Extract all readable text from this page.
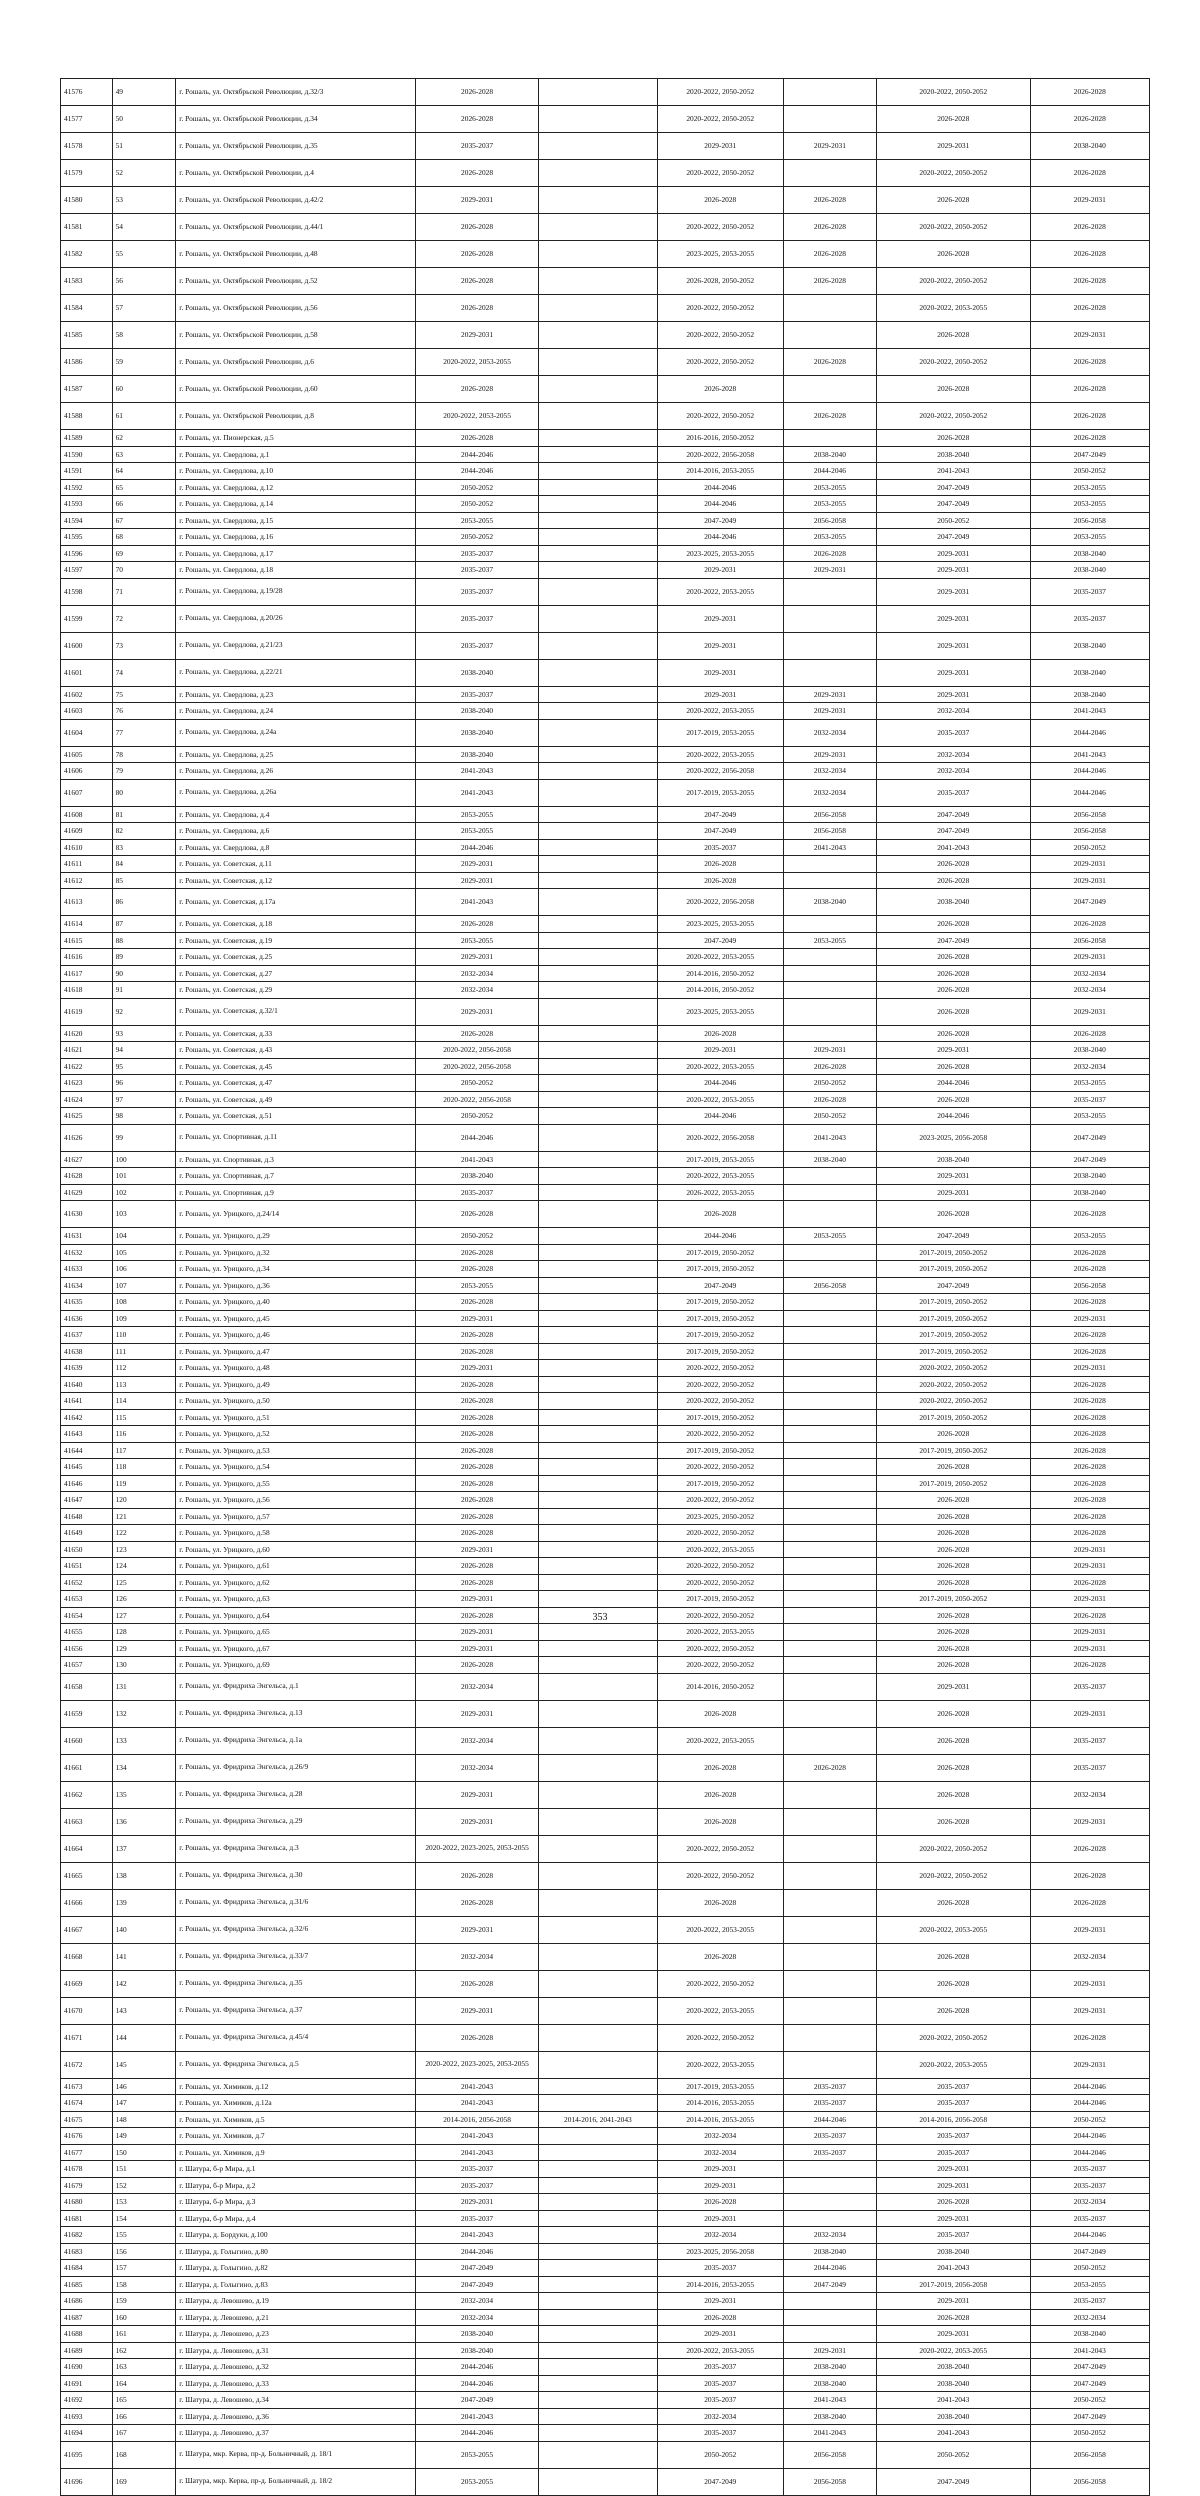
41576	49	г. Рошаль, ул. Октябрьской Революции, д.32/3	2026-2028		2020-2022, 2050-2052		2020-2022, 2050-2052	2026-2028
41577	50	г. Рошаль, ул. Октябрьской Революции, д.34	2026-2028		2020-2022, 2050-2052		2026-2028	2026-2028
41578	51	г. Рошаль, ул. Октябрьской Революции, д.35	2035-2037		2029-2031	2029-2031	2029-2031	2038-2040
41579	52	г. Рошаль, ул. Октябрьской Революции, д.4	2026-2028		2020-2022, 2050-2052		2020-2022, 2050-2052	2026-2028
41580	53	г. Рошаль, ул. Октябрьской Революции, д.42/2	2029-2031		2026-2028	2026-2028	2026-2028	2029-2031
41581	54	г. Рошаль, ул. Октябрьской Революции, д.44/1	2026-2028		2020-2022, 2050-2052	2026-2028	2020-2022, 2050-2052	2026-2028
41582	55	г. Рошаль, ул. Октябрьской Революции, д.48	2026-2028		2023-2025, 2053-2055	2026-2028	2026-2028	2026-2028
41583	56	г. Рошаль, ул. Октябрьской Революции, д.52	2026-2028		2026-2028, 2050-2052	2026-2028	2020-2022, 2050-2052	2026-2028
41584	57	г. Рошаль, ул. Октябрьской Революции, д.56	2026-2028		2020-2022, 2050-2052		2020-2022, 2053-2055	2026-2028
41585	58	г. Рошаль, ул. Октябрьской Революции, д.58	2029-2031		2020-2022, 2050-2052		2026-2028	2029-2031
41586	59	г. Рошаль, ул. Октябрьской Революции, д.6	2020-2022, 2053-2055		2020-2022, 2050-2052	2026-2028	2020-2022, 2050-2052	2026-2028
41587	60	г. Рошаль, ул. Октябрьской Революции, д.60	2026-2028		2026-2028		2026-2028	2026-2028
41588	61	г. Рошаль, ул. Октябрьской Революции, д.8	2020-2022, 2053-2055		2020-2022, 2050-2052	2026-2028	2020-2022, 2050-2052	2026-2028
41589	62	г. Рошаль, ул. Пионерская, д.5	2026-2028		2016-2016, 2050-2052		2026-2028	2026-2028
41590	63	г. Рошаль, ул. Свердлова, д.1	2044-2046		2020-2022, 2056-2058	2038-2040	2038-2040	2047-2049
41591	64	г. Рошаль, ул. Свердлова, д.10	2044-2046		2014-2016, 2053-2055	2044-2046	2041-2043	2050-2052
41592	65	г. Рошаль, ул. Свердлова, д.12	2050-2052		2044-2046	2053-2055	2047-2049	2053-2055
41593	66	г. Рошаль, ул. Свердлова, д.14	2050-2052		2044-2046	2053-2055	2047-2049	2053-2055
41594	67	г. Рошаль, ул. Свердлова, д.15	2053-2055		2047-2049	2056-2058	2050-2052	2056-2058
41595	68	г. Рошаль, ул. Свердлова, д.16	2050-2052		2044-2046	2053-2055	2047-2049	2053-2055
41596	69	г. Рошаль, ул. Свердлова, д.17	2035-2037		2023-2025, 2053-2055	2026-2028	2029-2031	2038-2040
41597	70	г. Рошаль, ул. Свердлова, д.18	2035-2037		2029-2031	2029-2031	2029-2031	2038-2040
41598	71	г. Рошаль, ул. Свердлова, д.19/28	2035-2037		2020-2022, 2053-2055		2029-2031	2035-2037
41599	72	г. Рошаль, ул. Свердлова, д.20/26	2035-2037		2029-2031		2029-2031	2035-2037
41600	73	г. Рошаль, ул. Свердлова, д.21/23	2035-2037		2029-2031		2029-2031	2038-2040
41601	74	г. Рошаль, ул. Свердлова, д.22/21	2038-2040		2029-2031		2029-2031	2038-2040
41602	75	г. Рошаль, ул. Свердлова, д.23	2035-2037		2029-2031	2029-2031	2029-2031	2038-2040
41603	76	г. Рошаль, ул. Свердлова, д.24	2038-2040		2020-2022, 2053-2055	2029-2031	2032-2034	2041-2043
41604	77	г. Рошаль, ул. Свердлова, д.24а	2038-2040		2017-2019, 2053-2055	2032-2034	2035-2037	2044-2046
41605	78	г. Рошаль, ул. Свердлова, д.25	2038-2040		2020-2022, 2053-2055	2029-2031	2032-2034	2041-2043
41606	79	г. Рошаль, ул. Свердлова, д.26	2041-2043		2020-2022, 2056-2058	2032-2034	2032-2034	2044-2046
41607	80	г. Рошаль, ул. Свердлова, д.26а	2041-2043		2017-2019, 2053-2055	2032-2034	2035-2037	2044-2046
41608	81	г. Рошаль, ул. Свердлова, д.4	2053-2055		2047-2049	2056-2058	2047-2049	2056-2058
41609	82	г. Рошаль, ул. Свердлова, д.6	2053-2055		2047-2049	2056-2058	2047-2049	2056-2058
41610	83	г. Рошаль, ул. Свердлова, д.8	2044-2046		2035-2037	2041-2043	2041-2043	2050-2052
41611	84	г. Рошаль, ул. Советская, д.11	2029-2031		2026-2028		2026-2028	2029-2031
41612	85	г. Рошаль, ул. Советская, д.12	2029-2031		2026-2028		2026-2028	2029-2031
41613	86	г. Рошаль, ул. Советская, д.17а	2041-2043		2020-2022, 2056-2058	2038-2040	2038-2040	2047-2049
41614	87	г. Рошаль, ул. Советская, д.18	2026-2028		2023-2025, 2053-2055		2026-2028	2026-2028
41615	88	г. Рошаль, ул. Советская, д.19	2053-2055		2047-2049	2053-2055	2047-2049	2056-2058
41616	89	г. Рошаль, ул. Советская, д.25	2029-2031		2020-2022, 2053-2055		2026-2028	2029-2031
41617	90	г. Рошаль, ул. Советская, д.27	2032-2034		2014-2016, 2050-2052		2026-2028	2032-2034
41618	91	г. Рошаль, ул. Советская, д.29	2032-2034		2014-2016, 2050-2052		2026-2028	2032-2034
41619	92	г. Рошаль, ул. Советская, д.32/1	2029-2031		2023-2025, 2053-2055		2026-2028	2029-2031
41620	93	г. Рошаль, ул. Советская, д.33	2026-2028		2026-2028		2026-2028	2026-2028
41621	94	г. Рошаль, ул. Советская, д.43	2020-2022, 2056-2058		2029-2031	2029-2031	2029-2031	2038-2040
41622	95	г. Рошаль, ул. Советская, д.45	2020-2022, 2056-2058		2020-2022, 2053-2055	2026-2028	2026-2028	2032-2034
41623	96	г. Рошаль, ул. Советская, д.47	2050-2052		2044-2046	2050-2052	2044-2046	2053-2055
41624	97	г. Рошаль, ул. Советская, д.49	2020-2022, 2056-2058		2020-2022, 2053-2055	2026-2028	2026-2028	2035-2037
41625	98	г. Рошаль, ул. Советская, д.51	2050-2052		2044-2046	2050-2052	2044-2046	2053-2055
41626	99	г. Рошаль, ул. Спортивная, д.11	2044-2046		2020-2022, 2056-2058	2041-2043	2023-2025, 2056-2058	2047-2049
41627	100	г. Рошаль, ул. Спортивная, д.3	2041-2043		2017-2019, 2053-2055	2038-2040	2038-2040	2047-2049
41628	101	г. Рошаль, ул. Спортивная, д.7	2038-2040		2020-2022, 2053-2055		2029-2031	2038-2040
41629	102	г. Рошаль, ул. Спортивная, д.9	2035-2037		2026-2022, 2053-2055		2029-2031	2038-2040
41630	103	г. Рошаль, ул. Урицкого, д.24/14	2026-2028		2026-2028		2026-2028	2026-2028
41631	104	г. Рошаль, ул. Урицкого, д.29	2050-2052		2044-2046	2053-2055	2047-2049	2053-2055
41632	105	г. Рошаль, ул. Урицкого, д.32	2026-2028		2017-2019, 2050-2052		2017-2019, 2050-2052	2026-2028
41633	106	г. Рошаль, ул. Урицкого, д.34	2026-2028		2017-2019, 2050-2052		2017-2019, 2050-2052	2026-2028
41634	107	г. Рошаль, ул. Урицкого, д.36	2053-2055		2047-2049	2056-2058	2047-2049	2056-2058
41635	108	г. Рошаль, ул. Урицкого, д.40	2026-2028		2017-2019, 2050-2052		2017-2019, 2050-2052	2026-2028
41636	109	г. Рошаль, ул. Урицкого, д.45	2029-2031		2017-2019, 2050-2052		2017-2019, 2050-2052	2029-2031
41637	110	г. Рошаль, ул. Урицкого, д.46	2026-2028		2017-2019, 2050-2052		2017-2019, 2050-2052	2026-2028
41638	111	г. Рошаль, ул. Урицкого, д.47	2026-2028		2017-2019, 2050-2052		2017-2019, 2050-2052	2026-2028
41639	112	г. Рошаль, ул. Урицкого, д.48	2029-2031		2020-2022, 2050-2052		2020-2022, 2050-2052	2029-2031
41640	113	г. Рошаль, ул. Урицкого, д.49	2026-2028		2020-2022, 2050-2052		2020-2022, 2050-2052	2026-2028
41641	114	г. Рошаль, ул. Урицкого, д.50	2026-2028		2020-2022, 2050-2052		2020-2022, 2050-2052	2026-2028
41642	115	г. Рошаль, ул. Урицкого, д.51	2026-2028		2017-2019, 2050-2052		2017-2019, 2050-2052	2026-2028
41643	116	г. Рошаль, ул. Урицкого, д.52	2026-2028		2020-2022, 2050-2052		2026-2028	2026-2028
41644	117	г. Рошаль, ул. Урицкого, д.53	2026-2028		2017-2019, 2050-2052		2017-2019, 2050-2052	2026-2028
41645	118	г. Рошаль, ул. Урицкого, д.54	2026-2028		2020-2022, 2050-2052		2026-2028	2026-2028
41646	119	г. Рошаль, ул. Урицкого, д.55	2026-2028		2017-2019, 2050-2052		2017-2019, 2050-2052	2026-2028
41647	120	г. Рошаль, ул. Урицкого, д.56	2026-2028		2020-2022, 2050-2052		2026-2028	2026-2028
41648	121	г. Рошаль, ул. Урицкого, д.57	2026-2028		2023-2025, 2050-2052		2026-2028	2026-2028
41649	122	г. Рошаль, ул. Урицкого, д.58	2026-2028		2020-2022, 2050-2052		2026-2028	2026-2028
41650	123	г. Рошаль, ул. Урицкого, д.60	2029-2031		2020-2022, 2053-2055		2026-2028	2029-2031
41651	124	г. Рошаль, ул. Урицкого, д.61	2026-2028		2020-2022, 2050-2052		2026-2028	2029-2031
41652	125	г. Рошаль, ул. Урицкого, д.62	2026-2028		2020-2022, 2050-2052		2026-2028	2026-2028
41653	126	г. Рошаль, ул. Урицкого, д.63	2029-2031		2017-2019, 2050-2052		2017-2019, 2050-2052	2029-2031
41654	127	г. Рошаль, ул. Урицкого, д.64	2026-2028		2020-2022, 2050-2052		2026-2028	2026-2028
41655	128	г. Рошаль, ул. Урицкого, д.65	2029-2031		2020-2022, 2053-2055		2026-2028	2029-2031
41656	129	г. Рошаль, ул. Урицкого, д.67	2029-2031		2020-2022, 2050-2052		2026-2028	2029-2031
41657	130	г. Рошаль, ул. Урицкого, д.69	2026-2028		2020-2022, 2050-2052		2026-2028	2026-2028
41658	131	г. Рошаль, ул. Фридриха Энгельса, д.1	2032-2034		2014-2016, 2050-2052		2029-2031	2035-2037
41659	132	г. Рошаль, ул. Фридриха Энгельса, д.13	2029-2031		2026-2028		2026-2028	2029-2031
41660	133	г. Рошаль, ул. Фридриха Энгельса, д.1а	2032-2034		2020-2022, 2053-2055		2026-2028	2035-2037
41661	134	г. Рошаль, ул. Фридриха Энгельса, д.26/9	2032-2034		2026-2028	2026-2028	2026-2028	2035-2037
41662	135	г. Рошаль, ул. Фридриха Энгельса, д.28	2029-2031		2026-2028		2026-2028	2032-2034
41663	136	г. Рошаль, ул. Фридриха Энгельса, д.29	2029-2031		2026-2028		2026-2028	2029-2031
41664	137	г. Рошаль, ул. Фридриха Энгельса, д.3	2020-2022, 2023-2025, 2053-2055		2020-2022, 2050-2052		2020-2022, 2050-2052	2026-2028
41665	138	г. Рошаль, ул. Фридриха Энгельса, д.30	2026-2028		2020-2022, 2050-2052		2020-2022, 2050-2052	2026-2028
41666	139	г. Рошаль, ул. Фридриха Энгельса, д.31/6	2026-2028		2026-2028		2026-2028	2026-2028
41667	140	г. Рошаль, ул. Фридриха Энгельса, д.32/6	2029-2031		2020-2022, 2053-2055		2020-2022, 2053-2055	2029-2031
41668	141	г. Рошаль, ул. Фридриха Энгельса, д.33/7	2032-2034		2026-2028		2026-2028	2032-2034
41669	142	г. Рошаль, ул. Фридриха Энгельса, д.35	2026-2028		2020-2022, 2050-2052		2026-2028	2029-2031
41670	143	г. Рошаль, ул. Фридриха Энгельса, д.37	2029-2031		2020-2022, 2053-2055		2026-2028	2029-2031
41671	144	г. Рошаль, ул. Фридриха Энгельса, д.45/4	2026-2028		2020-2022, 2050-2052		2020-2022, 2050-2052	2026-2028
41672	145	г. Рошаль, ул. Фридриха Энгельса, д.5	2020-2022, 2023-2025, 2053-2055		2020-2022, 2053-2055		2020-2022, 2053-2055	2029-2031
41673	146	г. Рошаль, ул. Химиков, д.12	2041-2043		2017-2019, 2053-2055	2035-2037	2035-2037	2044-2046
41674	147	г. Рошаль, ул. Химиков, д.12а	2041-2043		2014-2016, 2053-2055	2035-2037	2035-2037	2044-2046
41675	148	г. Рошаль, ул. Химиков, д.5	2014-2016, 2056-2058	2014-2016, 2041-2043	2014-2016, 2053-2055	2044-2046	2014-2016, 2056-2058	2050-2052
41676	149	г. Рошаль, ул. Химиков, д.7	2041-2043		2032-2034	2035-2037	2035-2037	2044-2046
41677	150	г. Рошаль, ул. Химиков, д.9	2041-2043		2032-2034	2035-2037	2035-2037	2044-2046
41678	151	г. Шатура, б-р Мира, д.1	2035-2037		2029-2031		2029-2031	2035-2037
41679	152	г. Шатура, б-р Мира, д.2	2035-2037		2029-2031		2029-2031	2035-2037
41680	153	г. Шатура, б-р Мира, д.3	2029-2031		2026-2028		2026-2028	2032-2034
41681	154	г. Шатура, б-р Мира, д.4	2035-2037		2029-2031		2029-2031	2035-2037
41682	155	г. Шатура, д. Бордуки, д.100	2041-2043		2032-2034	2032-2034	2035-2037	2044-2046
41683	156	г. Шатура, д. Голыгино, д.80	2044-2046		2023-2025, 2056-2058	2038-2040	2038-2040	2047-2049
41684	157	г. Шатура, д. Голыгино, д.82	2047-2049		2035-2037	2044-2046	2041-2043	2050-2052
41685	158	г. Шатура, д. Голыгино, д.83	2047-2049		2014-2016, 2053-2055	2047-2049	2017-2019, 2056-2058	2053-2055
41686	159	г. Шатура, д. Левошево, д.19	2032-2034		2029-2031		2029-2031	2035-2037
41687	160	г. Шатура, д. Левошево, д.21	2032-2034		2026-2028		2026-2028	2032-2034
41688	161	г. Шатура, д. Левошево, д.23	2038-2040		2029-2031		2029-2031	2038-2040
41689	162	г. Шатура, д. Левошево, д.31	2038-2040		2020-2022, 2053-2055	2029-2031	2020-2022, 2053-2055	2041-2043
41690	163	г. Шатура, д. Левошево, д.32	2044-2046		2035-2037	2038-2040	2038-2040	2047-2049
41691	164	г. Шатура, д. Левошево, д.33	2044-2046		2035-2037	2038-2040	2038-2040	2047-2049
41692	165	г. Шатура, д. Левошево, д.34	2047-2049		2035-2037	2041-2043	2041-2043	2050-2052
41693	166	г. Шатура, д. Левошево, д.36	2041-2043		2032-2034	2038-2040	2038-2040	2047-2049
41694	167	г. Шатура, д. Левошево, д.37	2044-2046		2035-2037	2041-2043	2041-2043	2050-2052
41695	168	г. Шатура, мкр. Керва, пр-д. Больничный, д. 18/1	2053-2055		2050-2052	2056-2058	2050-2052	2056-2058
41696	169	г. Шатура, мкр. Керва, пр-д. Больничный, д. 18/2	2053-2055		2047-2049	2056-2058	2047-2049	2056-2058
353
